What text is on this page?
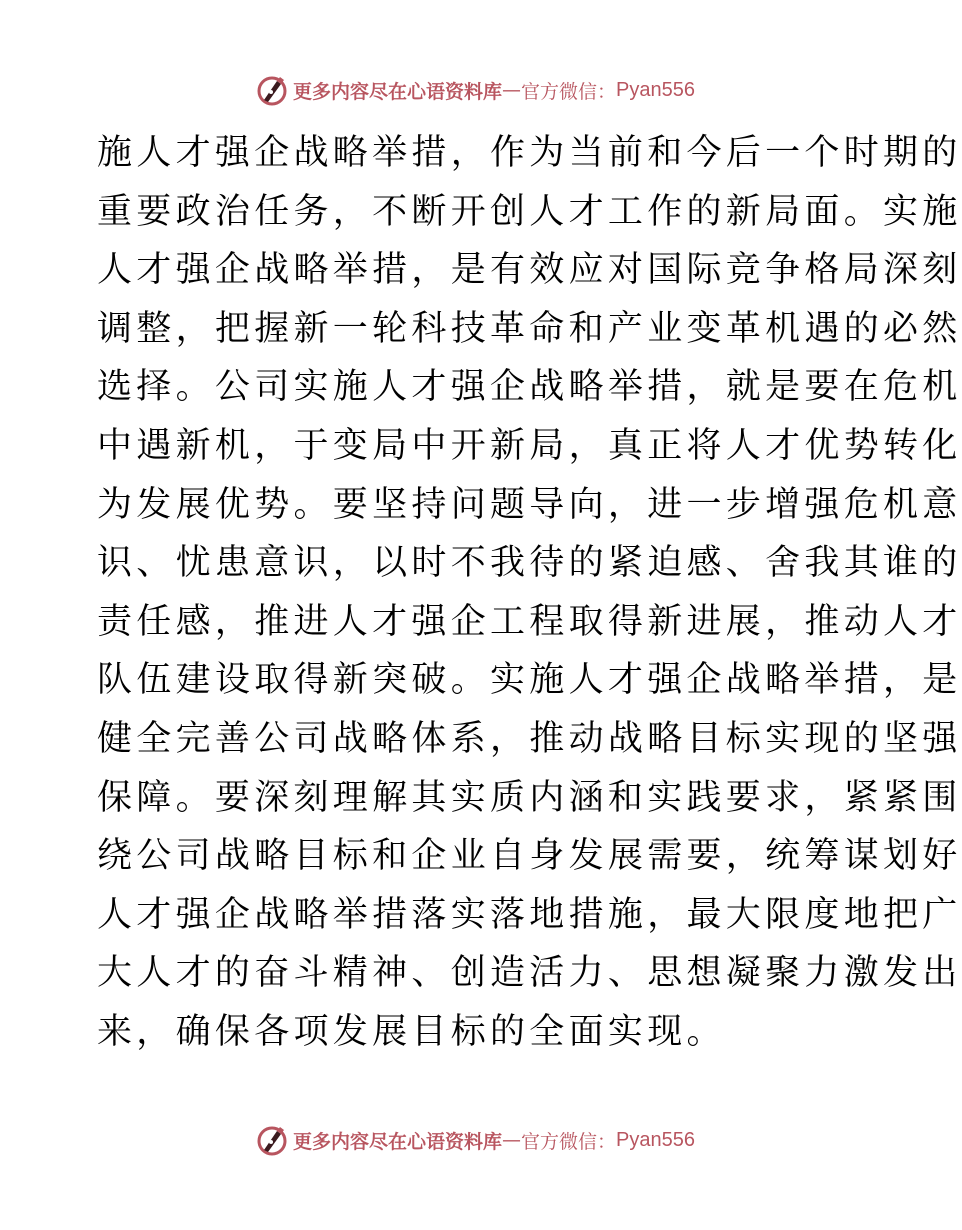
更多内容尽在心语资料库 — 官方微信： Pyan556
施人才强企战略举措，作为当前和今后一个时期的
重要政治任务，不断开创人才工作的新局面。实施
人才强企战略举措，是有效应对国际竞争格局深刻
调整，把握新一轮科技革命和产业变革机遇的必然
选择。公司实施人才强企战略举措，就是要在危机
中遇新机，于变局中开新局，真正将人才优势转化
为发展优势。要坚持问题导向，进一步增强危机意
识、忧患意识，以时不我待的紧迫感、舍我其谁的
责任感，推进人才强企工程取得新进展，推动人才
队伍建设取得新突破。实施人才强企战略举措，是
健全完善公司战略体系，推动战略目标实现的坚强
保障。要深刻理解其实质内涵和实践要求，紧紧围
绕公司战略目标和企业自身发展需要，统筹谋划好
人才强企战略举措落实落地措施，最大限度地把广
大人才的奋斗精神、创造活力、思想凝聚力激发出
来，确保各项发展目标的全面实现。
更多内容尽在心语资料库 — 官方微信： Pyan556
